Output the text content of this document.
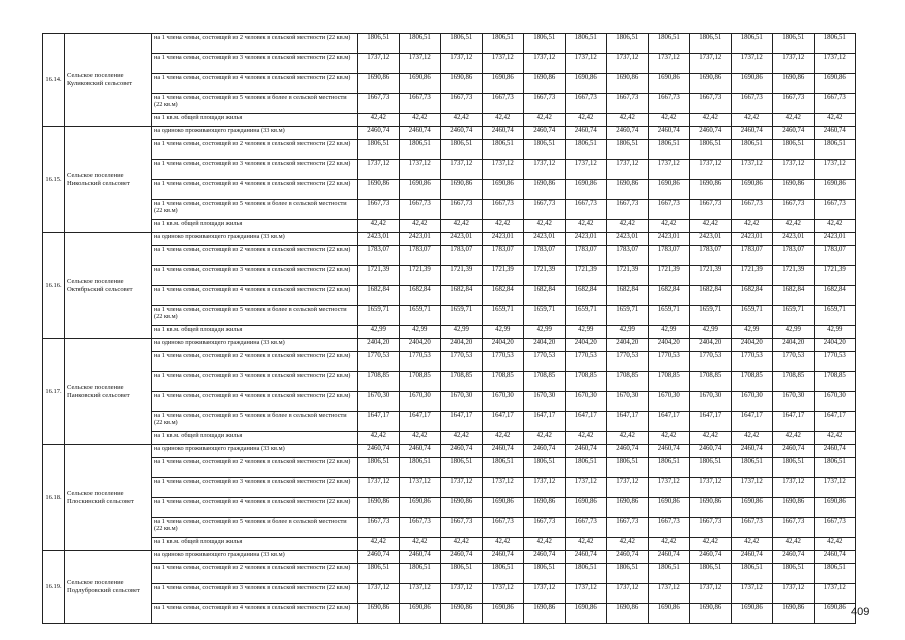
16.14.	Сельское поселение Куликовский сельсовет	на 1 члена семьи, состоящей из 2 человек в сельской местности (22 кв.м)	1806,51	1806,51	1806,51	1806,51	1806,51	1806,51	1806,51	1806,51	1806,51	1806,51	1806,51	1806,51
		на 1 члена семьи, состоящей из 3 человек в сельской местности (22 кв.м)	1737,12	1737,12	1737,12	1737,12	1737,12	1737,12	1737,12	1737,12	1737,12	1737,12	1737,12	1737,12
		на 1 члена семьи, состоящей из 4 человек в сельской местности (22 кв.м)	1690,86	1690,86	1690,86	1690,86	1690,86	1690,86	1690,86	1690,86	1690,86	1690,86	1690,86	1690,86
		на 1 члена семьи, состоящей из 5 человек и более в сельской местности (22 кв.м)	1667,73	1667,73	1667,73	1667,73	1667,73	1667,73	1667,73	1667,73	1667,73	1667,73	1667,73	1667,73
		на 1 кв.м. общей площади жилья	42,42	42,42	42,42	42,42	42,42	42,42	42,42	42,42	42,42	42,42	42,42	42,42
16.15.	Сельское поселение Никольский сельсовет	на одиноко проживающего гражданина (33 кв.м)	2460,74	2460,74	2460,74	2460,74	2460,74	2460,74	2460,74	2460,74	2460,74	2460,74	2460,74	2460,74
		на 1 члена семьи, состоящей из 2 человек в сельской местности (22 кв.м)	1806,51	1806,51	1806,51	1806,51	1806,51	1806,51	1806,51	1806,51	1806,51	1806,51	1806,51	1806,51
		на 1 члена семьи, состоящей из 3 человек в сельской местности (22 кв.м)	1737,12	1737,12	1737,12	1737,12	1737,12	1737,12	1737,12	1737,12	1737,12	1737,12	1737,12	1737,12
		на 1 члена семьи, состоящей из 4 человек в сельской местности (22 кв.м)	1690,86	1690,86	1690,86	1690,86	1690,86	1690,86	1690,86	1690,86	1690,86	1690,86	1690,86	1690,86
		на 1 члена семьи, состоящей из 5 человек и более в сельской местности (22 кв.м)	1667,73	1667,73	1667,73	1667,73	1667,73	1667,73	1667,73	1667,73	1667,73	1667,73	1667,73	1667,73
		на 1 кв.м. общей площади жилья	42,42	42,42	42,42	42,42	42,42	42,42	42,42	42,42	42,42	42,42	42,42	42,42
16.16.	Сельское поселение Октябрьский сельсовет	на одиноко проживающего гражданина (33 кв.м)	2423,01	2423,01	2423,01	2423,01	2423,01	2423,01	2423,01	2423,01	2423,01	2423,01	2423,01	2423,01
		на 1 члена семьи, состоящей из 2 человек в сельской местности (22 кв.м)	1783,07	1783,07	1783,07	1783,07	1783,07	1783,07	1783,07	1783,07	1783,07	1783,07	1783,07	1783,07
		на 1 члена семьи, состоящей из 3 человек в сельской местности (22 кв.м)	1721,39	1721,39	1721,39	1721,39	1721,39	1721,39	1721,39	1721,39	1721,39	1721,39	1721,39	1721,39
		на 1 члена семьи, состоящей из 4 человек в сельской местности (22 кв.м)	1682,84	1682,84	1682,84	1682,84	1682,84	1682,84	1682,84	1682,84	1682,84	1682,84	1682,84	1682,84
		на 1 члена семьи, состоящей из 5 человек и более в сельской местности (22 кв.м)	1659,71	1659,71	1659,71	1659,71	1659,71	1659,71	1659,71	1659,71	1659,71	1659,71	1659,71	1659,71
		на 1 кв.м. общей площади жилья	42,99	42,99	42,99	42,99	42,99	42,99	42,99	42,99	42,99	42,99	42,99	42,99
16.17.	Сельское поселение Панковский сельсовет	на одиноко проживающего гражданина (33 кв.м)	2404,20	2404,20	2404,20	2404,20	2404,20	2404,20	2404,20	2404,20	2404,20	2404,20	2404,20	2404,20
		на 1 члена семьи, состоящей из 2 человек в сельской местности (22 кв.м)	1770,53	1770,53	1770,53	1770,53	1770,53	1770,53	1770,53	1770,53	1770,53	1770,53	1770,53	1770,53
		на 1 члена семьи, состоящей из 3 человек в сельской местности (22 кв.м)	1708,85	1708,85	1708,85	1708,85	1708,85	1708,85	1708,85	1708,85	1708,85	1708,85	1708,85	1708,85
		на 1 члена семьи, состоящей из 4 человек в сельской местности (22 кв.м)	1670,30	1670,30	1670,30	1670,30	1670,30	1670,30	1670,30	1670,30	1670,30	1670,30	1670,30	1670,30
		на 1 члена семьи, состоящей из 5 человек и более в сельской местности (22 кв.м)	1647,17	1647,17	1647,17	1647,17	1647,17	1647,17	1647,17	1647,17	1647,17	1647,17	1647,17	1647,17
		на 1 кв.м. общей площади жилья	42,42	42,42	42,42	42,42	42,42	42,42	42,42	42,42	42,42	42,42	42,42	42,42
16.18.	Сельское поселение Плоскинский сельсовет	на одиноко проживающего гражданина (33 кв.м)	2460,74	2460,74	2460,74	2460,74	2460,74	2460,74	2460,74	2460,74	2460,74	2460,74	2460,74	2460,74
		на 1 члена семьи, состоящей из 2 человек в сельской местности (22 кв.м)	1806,51	1806,51	1806,51	1806,51	1806,51	1806,51	1806,51	1806,51	1806,51	1806,51	1806,51	1806,51
		на 1 члена семьи, состоящей из 3 человек в сельской местности (22 кв.м)	1737,12	1737,12	1737,12	1737,12	1737,12	1737,12	1737,12	1737,12	1737,12	1737,12	1737,12	1737,12
		на 1 члена семьи, состоящей из 4 человек в сельской местности (22 кв.м)	1690,86	1690,86	1690,86	1690,86	1690,86	1690,86	1690,86	1690,86	1690,86	1690,86	1690,86	1690,86
		на 1 члена семьи, состоящей из 5 человек и более в сельской местности (22 кв.м)	1667,73	1667,73	1667,73	1667,73	1667,73	1667,73	1667,73	1667,73	1667,73	1667,73	1667,73	1667,73
		на 1 кв.м. общей площади жилья	42,42	42,42	42,42	42,42	42,42	42,42	42,42	42,42	42,42	42,42	42,42	42,42
16.19.	Сельское поселение Подлубровский сельсовет	на одиноко проживающего гражданина (33 кв.м)	2460,74	2460,74	2460,74	2460,74	2460,74	2460,74	2460,74	2460,74	2460,74	2460,74	2460,74	2460,74
		на 1 члена семьи, состоящей из 2 человек в сельской местности (22 кв.м)	1806,51	1806,51	1806,51	1806,51	1806,51	1806,51	1806,51	1806,51	1806,51	1806,51	1806,51	1806,51
		на 1 члена семьи, состоящей из 3 человек в сельской местности (22 кв.м)	1737,12	1737,12	1737,12	1737,12	1737,12	1737,12	1737,12	1737,12	1737,12	1737,12	1737,12	1737,12
		на 1 члена семьи, состоящей из 4 человек в сельской местности (22 кв.м)	1690,86	1690,86	1690,86	1690,86	1690,86	1690,86	1690,86	1690,86	1690,86	1690,86	1690,86	1690,86 409
